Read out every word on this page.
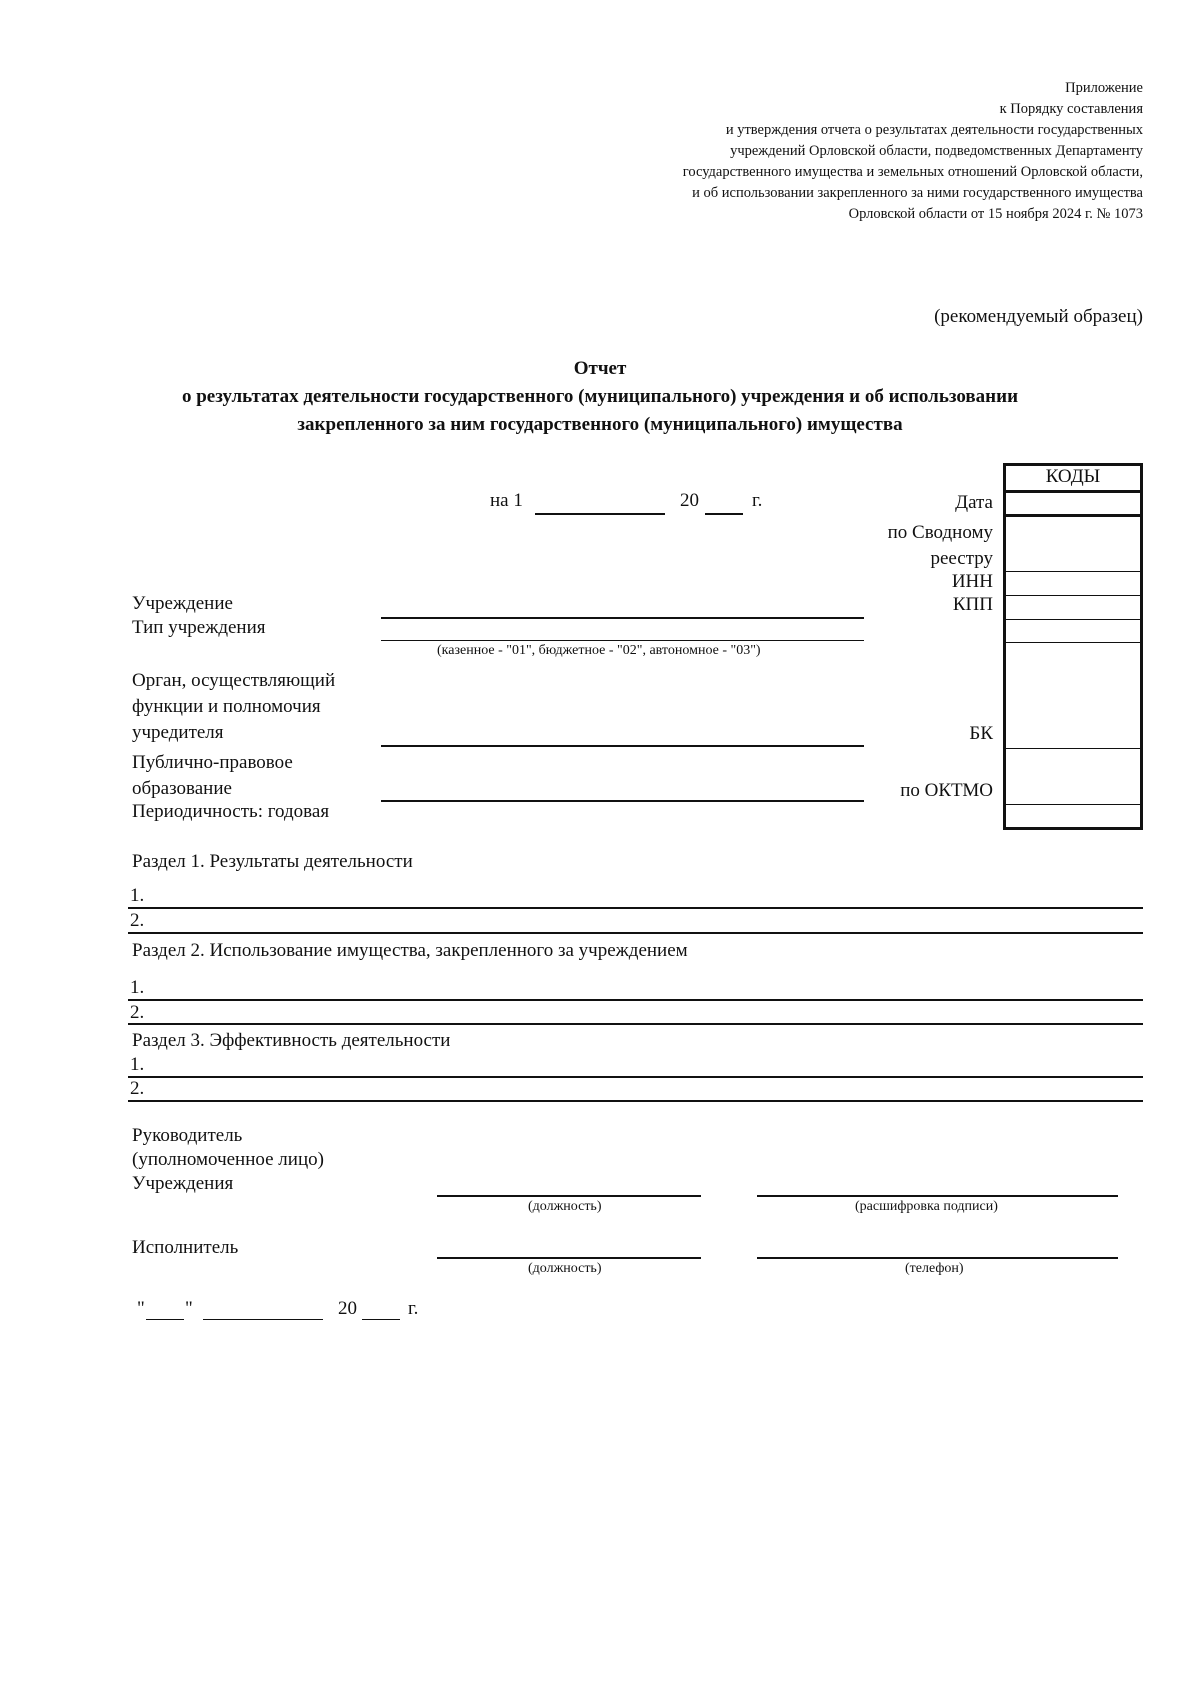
Приложение
к Порядку составления
и утверждения отчета о результатах деятельности государственных
учреждений Орловской области, подведомственных Департаменту
государственного имущества и земельных отношений Орловской области,
и об использовании закрепленного за ними государственного имущества
Орловской области от 15 ноября 2024 г. № 1073
(рекомендуемый образец)
Отчет
о результатах деятельности государственного (муниципального) учреждения и об использовании
закрепленного за ним государственного (муниципального) имущества
на 1	20	г.
КОДЫ
Дата
по Сводному
реестру
ИНН
КПП
БК
по ОКТМО
Учреждение
Тип учреждения
(казенное - "01", бюджетное - "02", автономное - "03")
Орган, осуществляющий
функции и полномочия
учредителя
Публично-правовое
образование
Периодичность: годовая
Раздел 1. Результаты деятельности
1.
2.
Раздел 2. Использование имущества, закрепленного за учреждением
1.
2.
Раздел 3. Эффективность деятельности
1.
2.
Руководитель
(уполномоченное лицо)
Учреждения
(должность)	(расшифровка подписи)
Исполнитель
(должность)	(телефон)
" "	20	г.
